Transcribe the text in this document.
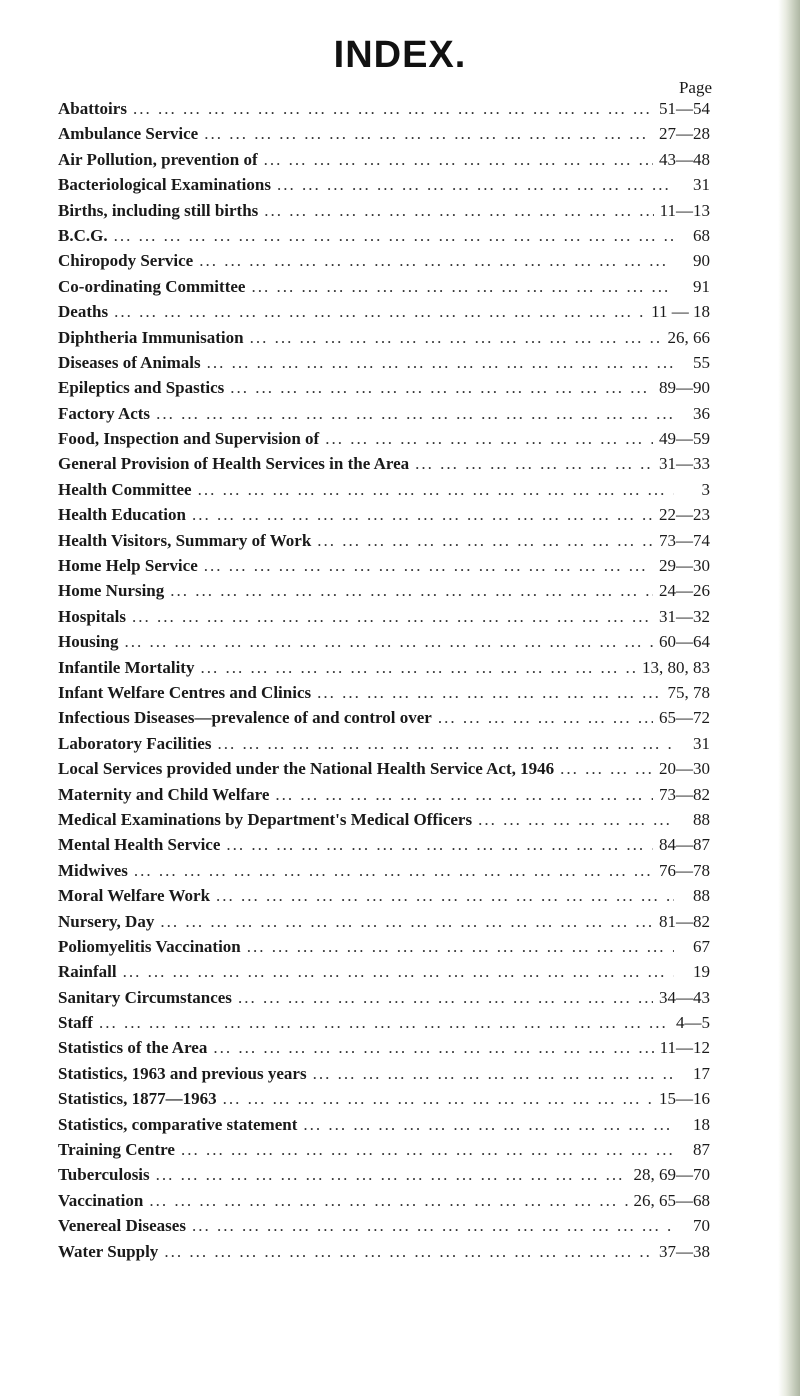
INDEX.
Page
Abattoirs ... .	51—54
Ambulance Service ... .	27—28
Air Pollution, prevention of ... .	43—48
Bacteriological Examinations ... .	31
Births, including still births ... .	11—13
B.C.G. ... .	68
Chiropody Service ... .	90
Co-ordinating Committee ... .	91
Deaths ... .	11 — 18
Diphtheria Immunisation ... .	26, 66
Diseases of Animals ... .	55
Epileptics and Spastics ... .	89—90
Factory Acts ... .	36
Food, Inspection and Supervision of ... .	49—59
General Provision of Health Services in the Area ... .	31—33
Health Committee ... .	3
Health Education ... .	22—23
Health Visitors, Summary of Work ... .	73—74
Home Help Service ... .	29—30
Home Nursing ... .	24—26
Hospitals ... .	31—32
Housing ... .	60—64
Infantile Mortality ... .	13, 80, 83
Infant Welfare Centres and Clinics ... .	75, 78
Infectious Diseases—prevalence of and control over ... .	65—72
Laboratory Facilities ... .	31
Local Services provided under the National Health Service Act, 1946 ... .	20—30
Maternity and Child Welfare ... .	73—82
Medical Examinations by Department's Medical Officers ... .	88
Mental Health Service ... .	84—87
Midwives ... .	76—78
Moral Welfare Work ... .	88
Nursery, Day ... .	81—82
Poliomyelitis Vaccination ... .	67
Rainfall ... .	19
Sanitary Circumstances ... .	34—43
Staff ... .	4—5
Statistics of the Area ... .	11—12
Statistics, 1963 and previous years ... .	17
Statistics, 1877—1963 ... .	15—16
Statistics, comparative statement ... .	18
Training Centre ... .	87
Tuberculosis ... .	28, 69—70
Vaccination ... .	26, 65—68
Venereal Diseases ... .	70
Water Supply ... .	37—38
